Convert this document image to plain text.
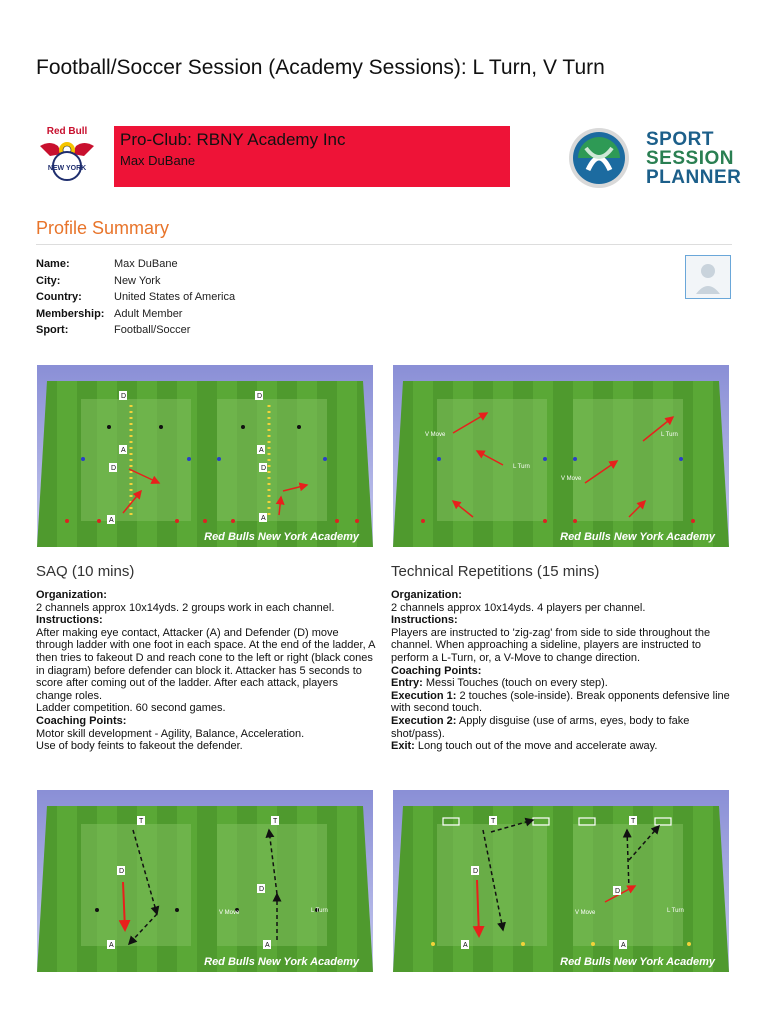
Football/Soccer Session (Academy Sessions): L Turn, V Turn
Red Bull
NEW YORK
Pro-Club: RBNY Academy Inc
Max DuBane
SPORT
SESSION
PLANNER
Profile Summary
Name:	Max DuBane
City:	New York
Country:	United States of America
Membership: Adult Member
Sport:	Football/Soccer
D
A
D
A
D
A
D
A
Red Bulls New York Academy
V Move
L Turn
L Turn
V Move
Red Bulls New York Academy
SAQ (10 mins)	Technical Repetitions (15 mins)

Organization:

2 channels approx 10x14yds. 2 groups work in each channel.

Instructions:

After making eye contact, Attacker (A) and Defender (D) move through ladder with one foot in each space. At the end of the ladder, A then tries to fakeout D and reach cone to the left or right (black cones in diagram) before defender can block it. Attacker has 5 seconds to score after coming out of the ladder. After each attack, players change roles.

Ladder competition. 60 second games.

Coaching Points:

Motor skill development - Agility, Balance, Acceleration.

Use of body feints to fakeout the defender.

Organization:

2 channels approx 10x14yds. 4 players per channel.

Instructions:

Players are instructed to 'zig-zag' from side to side throughout the channel. When approaching a sideline, players are instructed to perform a L-Turn, or, a V-Move to change direction.

Coaching Points:

Entry: Messi Touches (touch on every step).

Execution 1: 2 touches (sole-inside). Break opponents defensive line with second touch.

Execution 2: Apply disguise (use of arms, eyes, body to fake shot/pass).

Exit: Long touch out of the move and accelerate away.

T
D
A
T
D
A
V Move	L Turn
Red Bulls New York Academy
T
D
A
T
D
A
V Move	L Turn
Red Bulls New York Academy
